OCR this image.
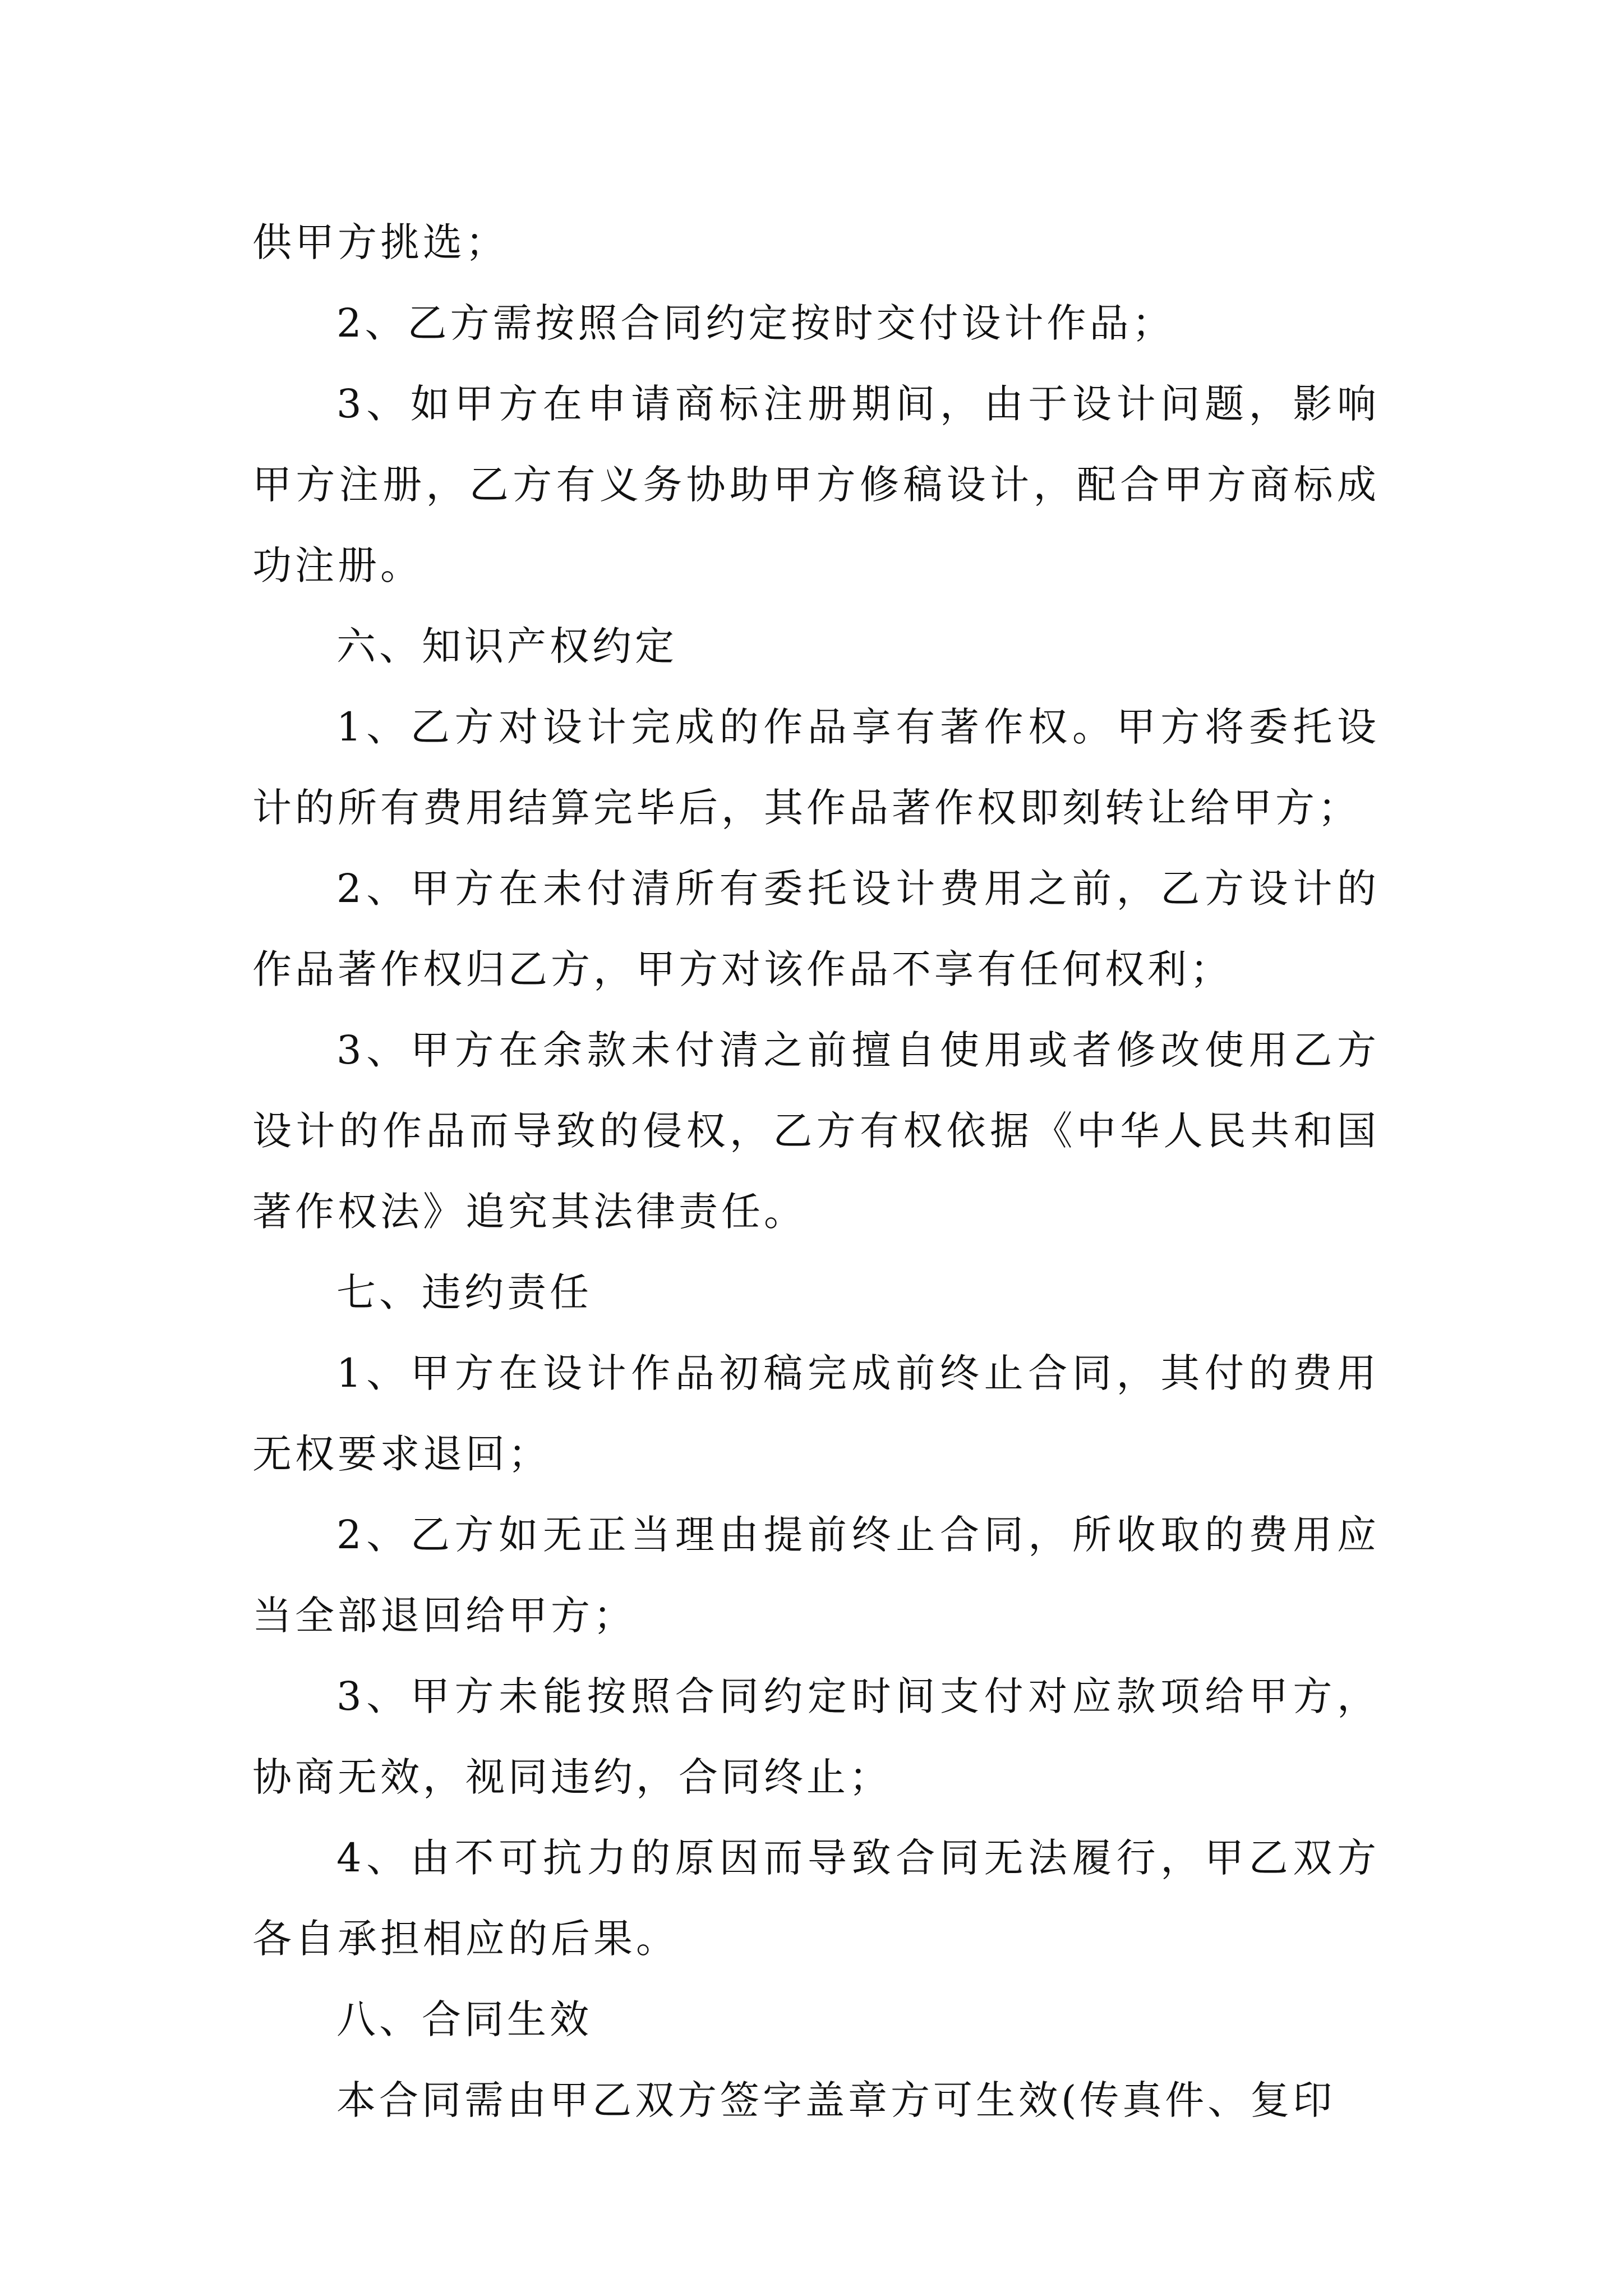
供甲方挑选；

2、乙方需按照合同约定按时交付设计作品；

3、如甲方在申请商标注册期间，由于设计问题，影响甲方注册，乙方有义务协助甲方修稿设计，配合甲方商标成功注册。

六、知识产权约定

1、乙方对设计完成的作品享有著作权。甲方将委托设计的所有费用结算完毕后，其作品著作权即刻转让给甲方；

2、甲方在未付清所有委托设计费用之前，乙方设计的作品著作权归乙方，甲方对该作品不享有任何权利；

3、甲方在余款未付清之前擅自使用或者修改使用乙方设计的作品而导致的侵权，乙方有权依据《中华人民共和国著作权法》追究其法律责任。

七、违约责任

1、甲方在设计作品初稿完成前终止合同，其付的费用无权要求退回；

2、乙方如无正当理由提前终止合同，所收取的费用应当全部退回给甲方；

3、甲方未能按照合同约定时间支付对应款项给甲方，协商无效，视同违约，合同终止；

4、由不可抗力的原因而导致合同无法履行，甲乙双方各自承担相应的后果。

八、合同生效

本合同需由甲乙双方签字盖章方可生效(传真件、复印
